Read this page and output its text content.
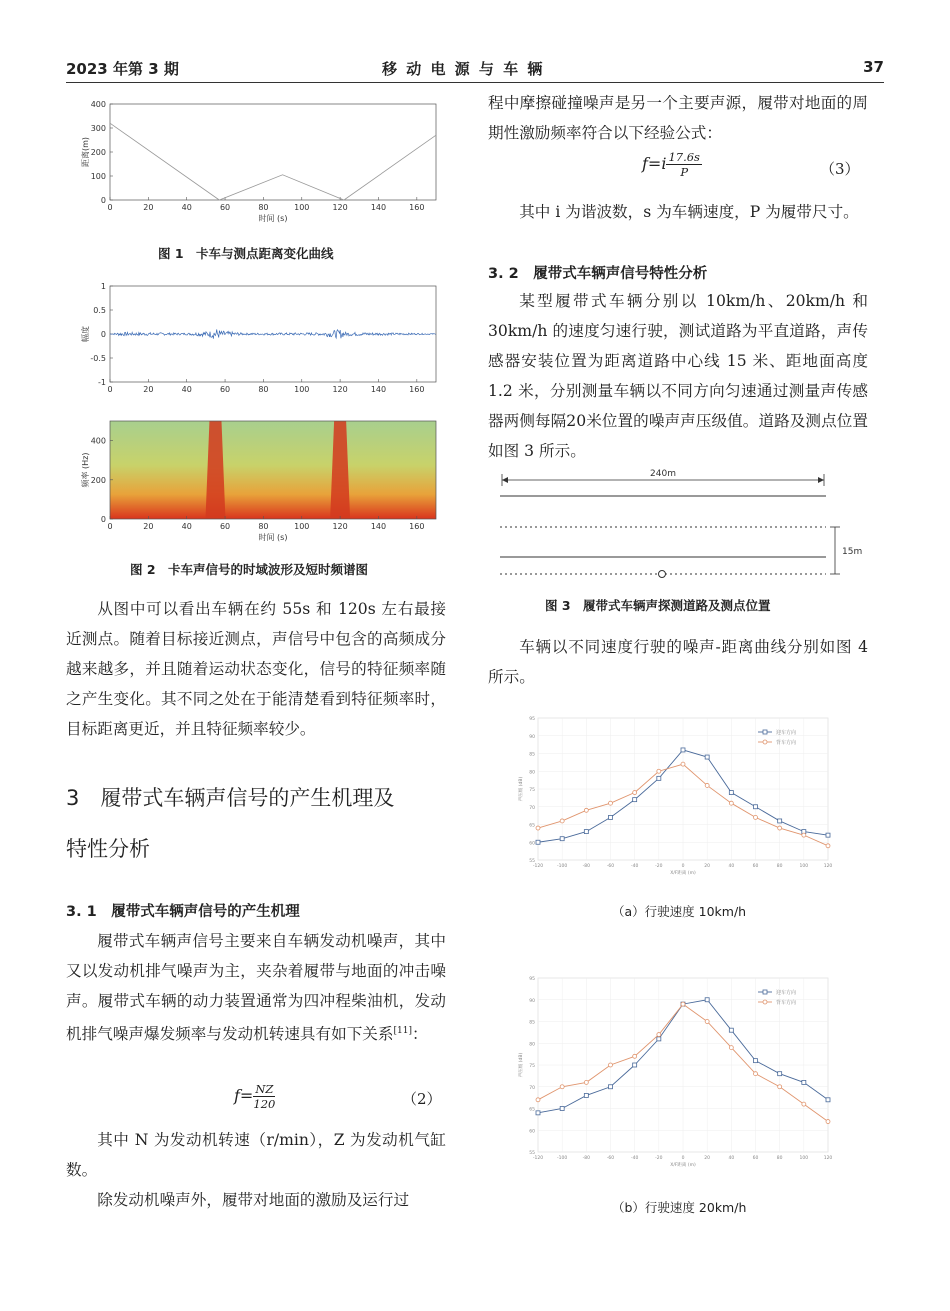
2023 年第 3 期	移 动 电 源 与 车 辆	37
0	20	40	60	80	100	120	140	160
0
100
200
300
400
时间 (s)
距离(m)
图 1　卡车与测点距离变化曲线
0	20	40	60	80	100	120	140	160
-1
-0.5
0
0.5
1
幅度
0	20	40	60	80	100	120	140	160
0
200
400
时间 (s)
频率 (Hz)
图 2　卡车声信号的时域波形及短时频谱图

从图中可以看出车辆在约 55s 和 120s 左右最接近测点。随着目标接近测点，声信号中包含的高频成分越来越多，并且随着运动状态变化，信号的特征频率随之产生变化。其不同之处在于能清楚看到特征频率时，目标距离更近，并且特征频率较少。

3　履带式车辆声信号的产生机理及
特性分析
3. 1　履带式车辆声信号的产生机理

履带式车辆声信号主要来自车辆发动机噪声，其中又以发动机排气噪声为主，夹杂着履带与地面的冲击噪声。履带式车辆的动力装置通常为四冲程柴油机，发动机排气噪声爆发频率与发动机转速具有如下关系[11]：

$f= \frac{NZ}{120}$	（2）

其中 N 为发动机转速（r/min），Z 为发动机气缸数。

除发动机噪声外，履带对地面的激励及运行过

程中摩擦碰撞噪声是另一个主要声源，履带对地面的周期性激励频率符合以下经验公式：

$f=i \frac{17.6s}{P}$	（3）

其中 i 为谐波数，s 为车辆速度，P 为履带尺寸。

3. 2　履带式车辆声信号特性分析

某型履带式车辆分别以 10km/h、20km/h 和 30km/h 的速度匀速行驶，测试道路为平直道路，声传感器安装位置为距离道路中心线 15 米、距地面高度 1.2 米，分别测量车辆以不同方向匀速通过测量声传感器两侧每隔20米位置的噪声声压级值。道路及测点位置如图 3 所示。

240m
15m
图 3　履带式车辆声探测道路及测点位置

车辆以不同速度行驶的噪声-距离曲线分别如图 4 所示。

55
60
65
70
75
80
85
90
95
-120	-100	-80	-60	-40	-20	0	20	40	60	80	100	120
X/F距离 (m)
声压级 (dB)
迎车方向
背车方向
（a）行驶速度 10km/h
55
60
65
70
75
80
85
90
95
-120	-100	-80	-60	-40	-20	0	20	40	60	80	100	120
X/F距离 (m)
声压级 (dB)
迎车方向
背车方向
（b）行驶速度 20km/h
